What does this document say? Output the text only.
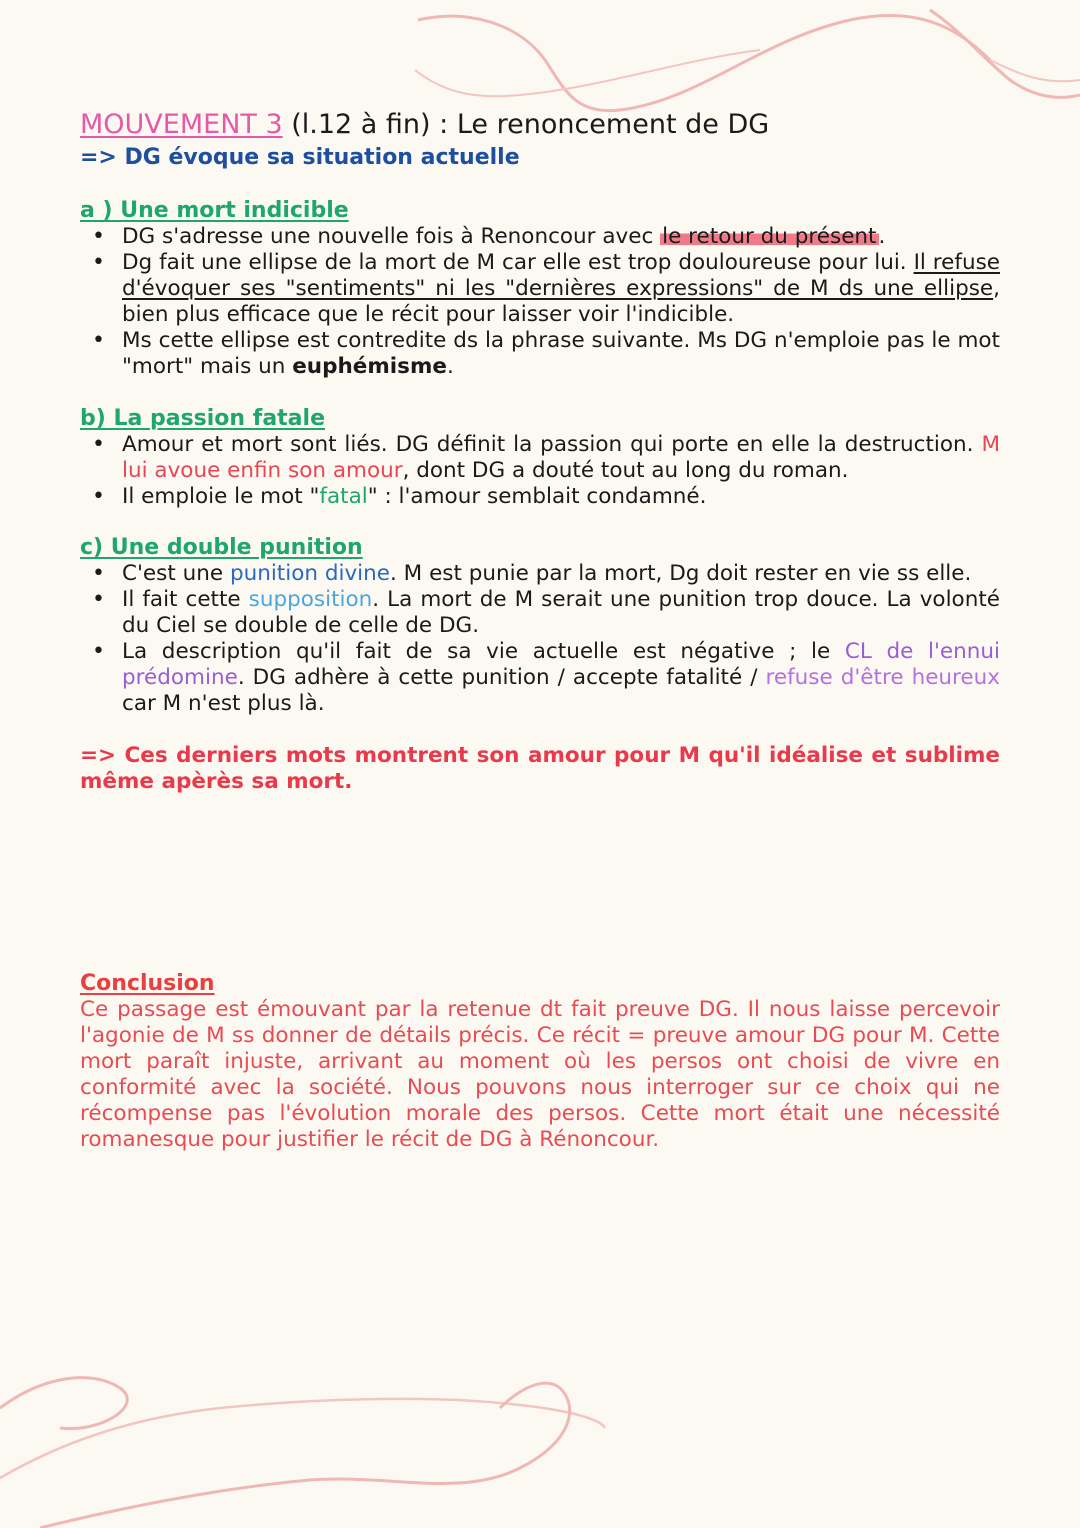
MOUVEMENT 3 (l.12 à fin) : Le renoncement de DG
=> DG évoque sa situation actuelle
a ) Une mort indicible
• DG s'adresse une nouvelle fois à Renoncour avec le retour du présent.
• Dg fait une ellipse de la mort de M car elle est trop douloureuse pour lui. Il refuse d'évoquer ses "sentiments" ni les "dernières expressions" de M ds une ellipse, bien plus efficace que le récit pour laisser voir l'indicible.
• Ms cette ellipse est contredite ds la phrase suivante. Ms DG n'emploie pas le mot "mort" mais un euphémisme.
b) La passion fatale
• Amour et mort sont liés. DG définit la passion qui porte en elle la destruction. M lui avoue enfin son amour, dont DG a douté tout au long du roman.
• Il emploie le mot "fatal" : l'amour semblait condamné.
c) Une double punition
• C'est une punition divine. M est punie par la mort, Dg doit rester en vie ss elle.
• Il fait cette supposition. La mort de M serait une punition trop douce. La volonté du Ciel se double de celle de DG.
• La description qu'il fait de sa vie actuelle est négative ; le CL de l'ennui prédomine. DG adhère à cette punition / accepte fatalité / refuse d'être heureux car M n'est plus là.
=> Ces derniers mots montrent son amour pour M qu'il idéalise et sublime même apèrès sa mort.
Conclusion
Ce passage est émouvant par la retenue dt fait preuve DG. Il nous laisse percevoir l'agonie de M ss donner de détails précis. Ce récit = preuve amour DG pour M. Cette mort paraît injuste, arrivant au moment où les persos ont choisi de vivre en conformité avec la société. Nous pouvons nous interroger sur ce choix qui ne récompense pas l'évolution morale des persos. Cette mort était une nécessité romanesque pour justifier le récit de DG à Rénoncour.
